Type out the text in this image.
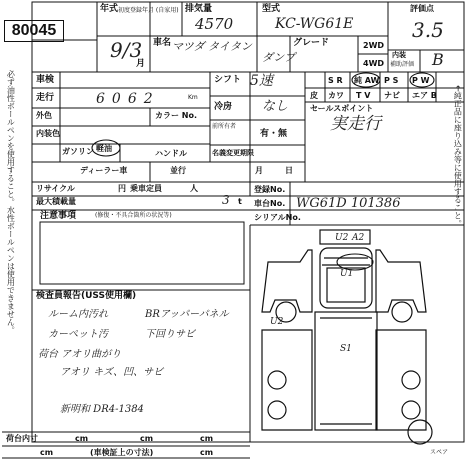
必ず油性ボールペンを使用すること。水性ボールペンは使用できません。	←純正品に座り込み等に使用すること。
80045
年式 初度登録年月 (自家用)
9/3
月
排気量
4570
車名 マツダ タイタン
型式
KC-WG61E
グレード
ダンプ
2WD
4WD
評価点
3.5
内装
補助評価 B
車検
走行	6062	Km
外色	カラー No.
内装色
ガソリン 軽油
ハンドル
ディーラー車	並行
リサイクル	円 乗車定員	人
最大積載量	3 t
シフト 5速
冷房 なし
前所有者
有・無
名義変更期限
月	日
S R 純 AW P S P W
皮 カワ T V ナビ エア B
セールスポイント
実走行
登録No.
車台No. WG61D 101386
シリアルNo.
注意事項	(修復・不具合箇所の状況等)
検査員報告(USS使用欄)
ルーム内汚れ
カーペット汚
荷台 アオリ曲がり
アオリ キズ、凹、サビ
BRアッパーパネル
下回りサビ
新明和 DR4-1384
U2 A2
U1
S1
U2
荷台内寸	cm	cm	cm
cm	(車検証上の寸法)	cm	スペア
